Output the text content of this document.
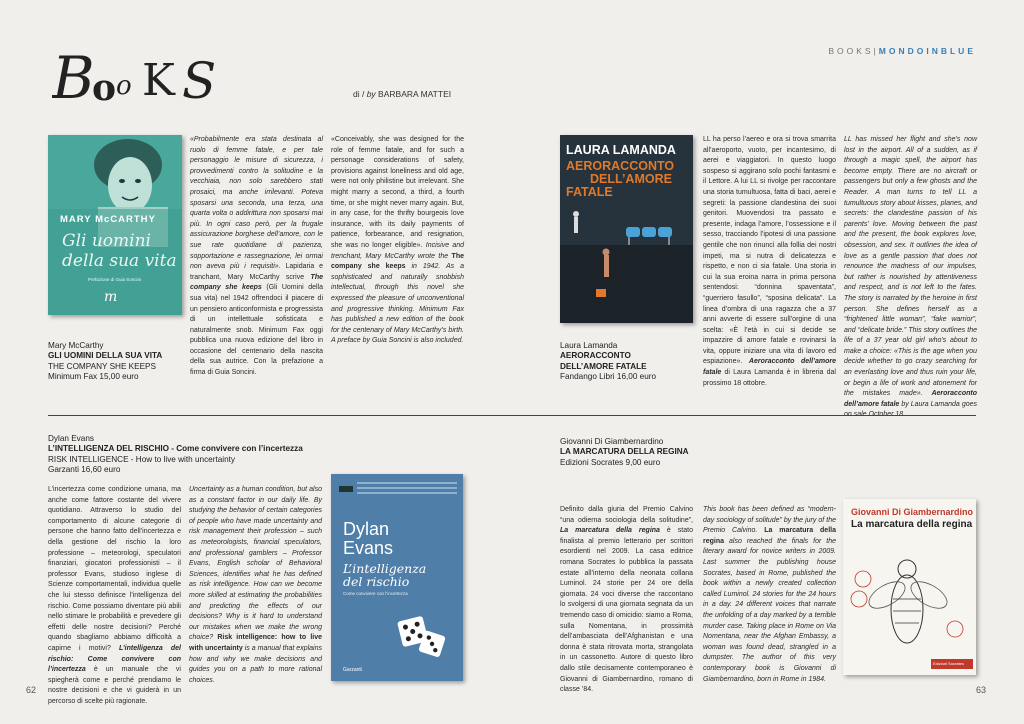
BOOKS|MONDOINBLUE
B
o o K S	di / by BARBARA MATTEI
MARY McCARTHY
Gli uomini
della sua vita
Prefazione di Guia Soncini
m
Mary McCarthy
GLI UOMINI DELLA SUA VITA
THE COMPANY SHE KEEPS
Minimum Fax 15,00 euro
«Probabilmente era stata destinata al ruolo di femme fatale, e per tale personaggio le misure di sicurezza, i provvedimenti contro la solitudine e la vecchiaia, non solo sarebbero stati prosaici, ma anche irrilevanti. Poteva sposarsi una seconda, una terza, una quarta volta o addirittura non sposarsi mai più. In ogni caso però, per la frugale assicurazione borghese dell’amore, con le sue rate quotidiane di pazienza, sopportazione e rassegnazione, lei ormai non aveva più i requisiti». Lapidaria e tranchant, Mary McCarthy scrive The company she keeps (Gli Uomini della sua vita) nel 1942 offrendoci il piacere di un pensiero anticonformista e progressista di un intellettuale sofisticata e naturalmente snob. Minimum Fax oggi pubblica una nuova edizione del libro in occasione del centenario della nascita della sua autrice. Con la prefazione a firma di Guia Soncini.
«Conceivably, she was designed for the role of femme fatale, and for such a personage considerations of safety, provisions against loneliness and old age, were not only philistine but irrelevant. She might marry a second, a third, a fourth time, or she might never marry again. But, in any case, for the thrifty bourgeois love insurance, with its daily payments of patience, forbearance, and resignation, she was no longer eligible». Incisive and trenchant, Mary McCarthy wrote the The company she keeps in 1942. As a sophisticated and naturally snobbish intellectual, through this novel she expressed the pleasure of unconventional and progressive thinking. Minimum Fax has published a new edition of the book for the centenary of Mary McCarthy’s birth. A preface by Guia Soncini is also included.
LAURA LAMANDA
AERORACCONTO
DELL’AMORE
FATALE
Laura Lamanda
AERORACCONTO
DELL’AMORE FATALE
Fandango Libri 16,00 euro
LL ha perso l’aereo e ora si trova smarrita all’aeroporto, vuoto, per incantesimo, di aerei e viaggiatori. In questo luogo sospeso si aggirano solo pochi fantasmi e il Lettore. A lui LL si rivolge per raccontare una storia tumultuosa, fatta di baci, aerei e segreti: la passione clandestina dei suoi genitori. Muovendosi tra passato e presente, indaga l’amore, l’ossessione e il sesso, tracciando l’ipotesi di una passione gentile che non rinuncì alla follia dei nostri impeti, ma si nutra di delicatezza e rispetto, e non ci sia fatale. Una storia in cui la sua eroina narra in prima persona sentendosi: “donnina spaventata”, “guerriero fasullo”, “sposina delicata”. La linea d’ombra di una ragazza che a 37 anni avverte di essere sull’orgine di una scelta: «È l’età in cui si decide se impazzire di amore fatale e rovinarsi la vita, oppure iniziare una vita di lavoro ed espiazione». Aeroracconto dell’amore fatale di Laura Lamanda è in libreria dal prossimo 18 ottobre.
LL has missed her flight and she’s now lost in the airport. All of a sudden, as if through a magic spell, the airport has become empty. There are no aircraft or passengers but only a few ghosts and the Reader. A man turns to tell LL a tumultuous story about kisses, planes, and secrets: the clandestine passion of his parents’ love. Moving between the past and the present, the book explores love, obsession, and sex. It outlines the idea of love as a gentle passion that does not renounce the madness of our impulses, but rather is nourished by attentiveness and respect, and is not left to the fates. The story is narrated by the heroine in first person. She defines herself as a “frightened little woman”, “fake warrior”, and “delicate bride.” This story outlines the life of a 37 year old girl who’s about to make a choice: «This is the age when you decide whether to go crazy searching for an everlasting love and thus ruin your life, or begin a life of work and atonement for the mistakes made». Aeroracconto dell’amore fatale by Laura Lamanda goes
Dylan Evans
L’INTELLIGENZA DEL RISCHIO - Come convivere con l’incertezza
RISK INTELLIGENCE - How to live with uncertainty
Garzanti 16,60 euro
L’incertezza come condizione umana, ma anche come fattore costante del vivere quotidiano. Attraverso lo studio del comportamento di alcune categorie di persone che hanno fatto dell’incertezza e della gestione del rischio la loro professione – meteorologi, speculatori finanziari, giocatori professionisti – il professor Evans, studioso inglese di Scienze comportamentali, individua quelle che lui stesso definisce l’intelligenza del rischio. Come possiamo diventare più abili nello stimare le probabilità e prevedere gli effetti delle nostre decisioni? Perché quando sbagliamo abbiamo difficoltà a capirne i motivi? L’intelligenza del rischio: Come convivere con l’incertezza è un manuale che vi spiegherà come e perché prendiamo le nostre decisioni e che vi guiderà in un percorso di scelte più ragionate.
Uncertainty as a human condition, but also as a constant factor in our daily life. By studying the behavior of certain categories of people who have made uncertainty and risk management their profession – such as meteorologists, financial speculators, and professional gamblers – Professor Evans, English scholar of Behavioral Sciences, identifies what he has defined as risk intelligence. How can we become more skilled at estimating the probabilities and predicting the effects of our decisions? Why is it hard to understand our mistakes when we make the wrong choice? Risk intelligence: how to live with uncertainty is a manual that explains how and why we make decisions and guides you on a path to more rational choices.
Dylan
Evans
L’intelligenza
del rischio
Come convivere con l’incertezza
Garzanti
Giovanni Di Giambernardino
LA MARCATURA DELLA REGINA
Edizioni Socrates 9,00 euro
Definito dalla giuria del Premio Calvino “una odierna sociologia della solitudine”, La marcatura della regina è stato finalista al premio letterario per scrittori esordienti nel 2009. La casa editrice romana Socrates lo pubblica la passata estate all’interno della neonata collana Luminol. 24 storie per 24 ore della giornata. 24 voci diverse che raccontano lo svolgersi di una giornata segnata da un tremendo caso di omicidio: siamo a Roma, sulla Nomentana, in prossimità dell’ambasciata dell’Afghanistan e una donna è stata ritrovata morta, strangolata in un cassonetto. Autore di questo libro dallo stile decisamente contemporaneo è Giovanni di Giambernardino, romano di classe ’84.
This book has been defined as “modern-day sociology of solitude” by the jury of the Premio Calvino. La marcatura della regina also reached the finals for the literary award for novice writers in 2009. Last summer the publishing house Socrates, based in Rome, published the book within a newly created collection called Luminol. 24 stories for the 24 hours in a day. 24 different voices that narrate the unfolding of a day marked by a terrible murder case. Taking place in Rome on Via Nomentana, near the Afghan Embassy, a woman was found dead, strangled in a dumpster. The author of this very contemporary book is Giovanni di Giambernardino, born in Rome in 1984.
Giovanni Di Giambernardino
La marcatura della regina
Edizioni Socrates
62	63
